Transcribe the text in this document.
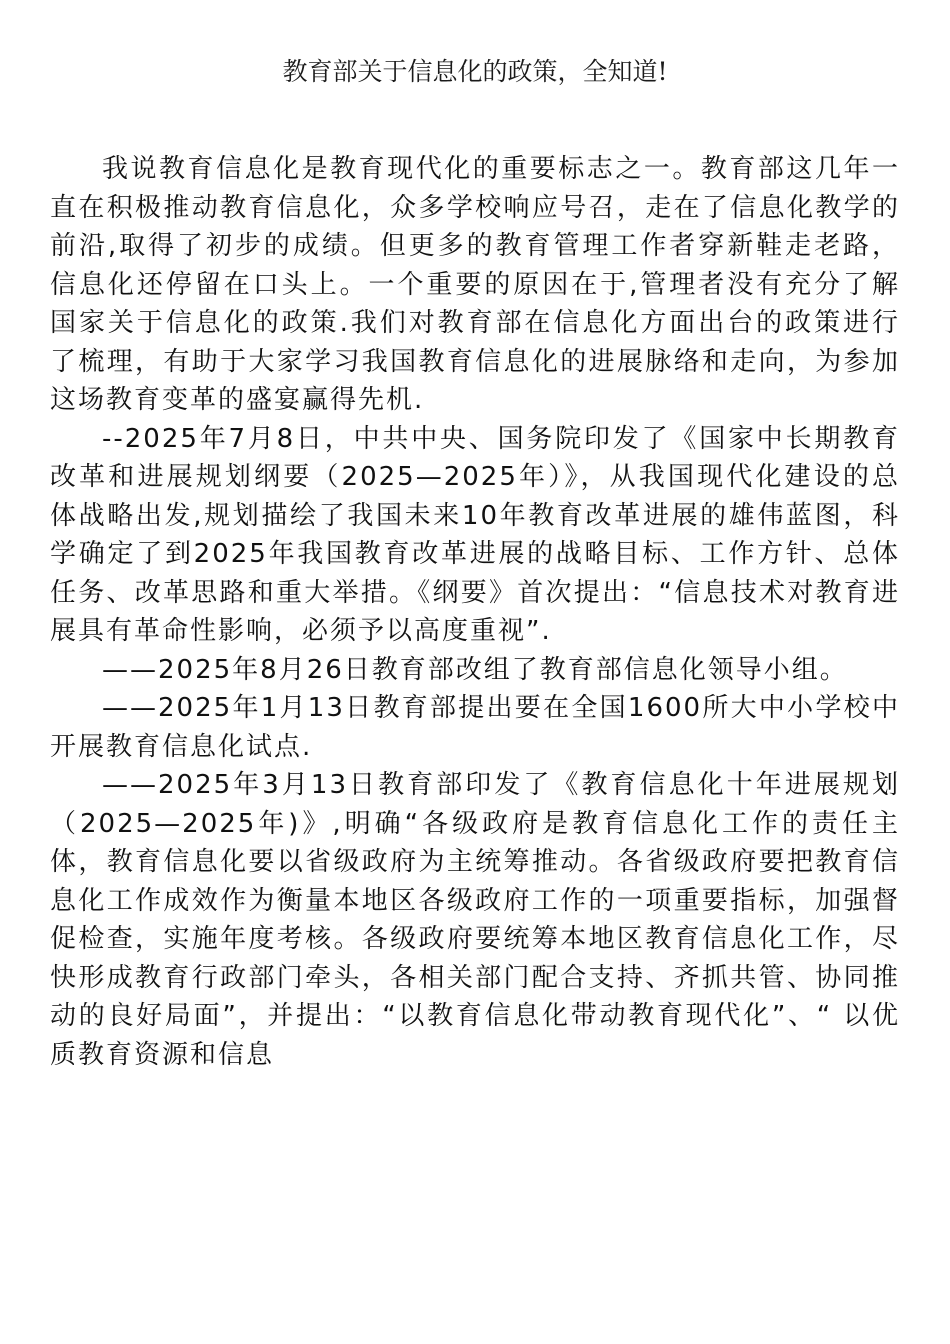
教育部关于信息化的政策，全知道!

我说教育信息化是教育现代化的重要标志之一。教育部这几年一直在积极推动教育信息化，众多学校响应号召，走在了信息化教学的前沿,取得了初步的成绩。但更多的教育管理工作者穿新鞋走老路，信息化还停留在口头上。一个重要的原因在于,管理者没有充分了解国家关于信息化的政策.我们对教育部在信息化方面出台的政策进行了梳理，有助于大家学习我国教育信息化的进展脉络和走向，为参加这场教育变革的盛宴赢得先机.

--2025年7月8日，中共中央、国务院印发了《国家中长期教育改革和进展规划纲要（2025—2025年）》，从我国现代化建设的总体战略出发,规划描绘了我国未来10年教育改革进展的雄伟蓝图，科学确定了到2025年我国教育改革进展的战略目标、工作方针、总体任务、改革思路和重大举措。《纲要》首次提出：“信息技术对教育进展具有革命性影响，必须予以高度重视”.

——2025年8月26日教育部改组了教育部信息化领导小组。

——2025年1月13日教育部提出要在全国1600所大中小学校中开展教育信息化试点.

——2025年3月13日教育部印发了《教育信息化十年进展规划（2025—2025年)》,明确“各级政府是教育信息化工作的责任主体，教育信息化要以省级政府为主统筹推动。各省级政府要把教育信息化工作成效作为衡量本地区各级政府工作的一项重要指标，加强督促检查，实施年度考核。各级政府要统筹本地区教育信息化工作，尽快形成教育行政部门牵头，各相关部门配合支持、齐抓共管、协同推动的良好局面”，并提出：“以教育信息化带动教育现代化”、“ 以优质教育资源和信息
